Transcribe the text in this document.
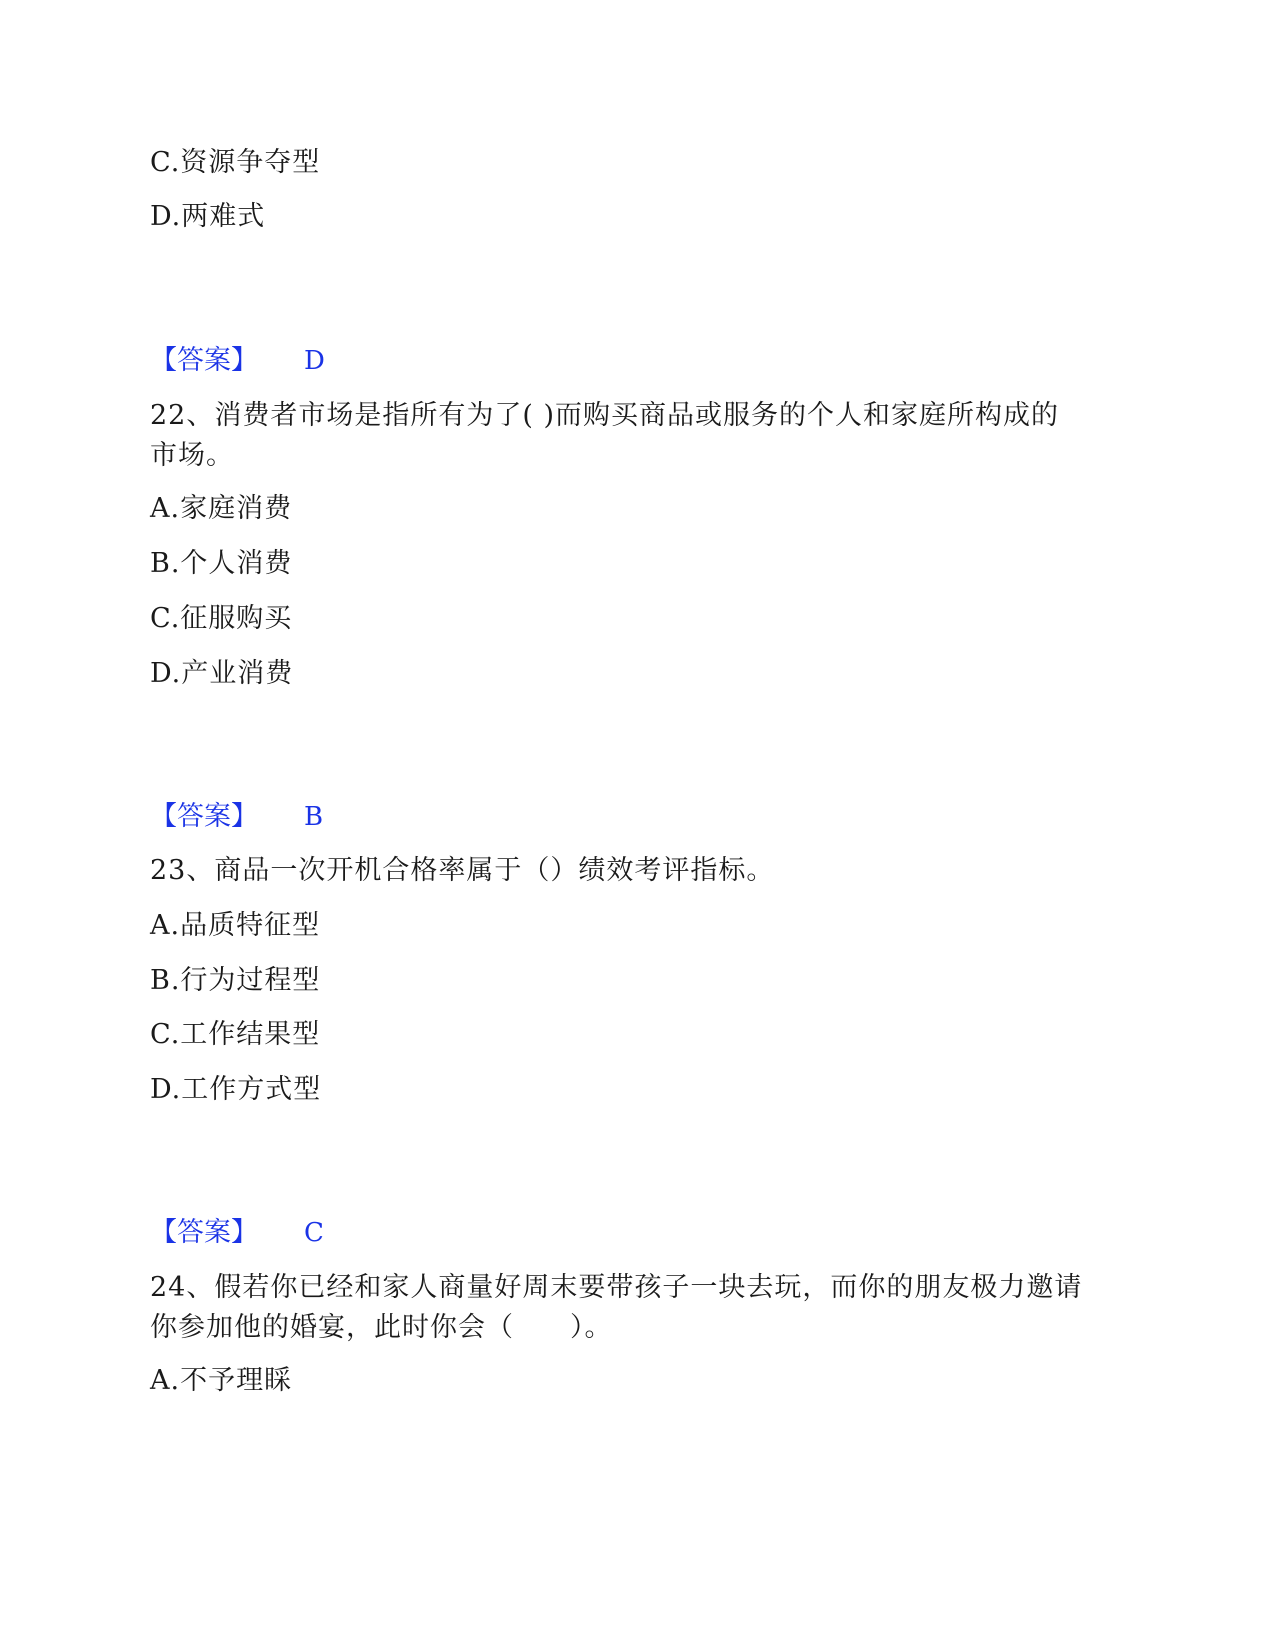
C.资源争夺型
D.两难式
【答案】 D
22、消费者市场是指所有为了( )而购买商品或服务的个人和家庭所构成的
市场。
A.家庭消费
B.个人消费
C.征服购买
D.产业消费
【答案】 B
23、商品一次开机合格率属于（）绩效考评指标。
A.品质特征型
B.行为过程型
C.工作结果型
D.工作方式型
【答案】 C
24、假若你已经和家人商量好周末要带孩子一块去玩，而你的朋友极力邀请
你参加他的婚宴，此时你会（　　）。
A.不予理睬
